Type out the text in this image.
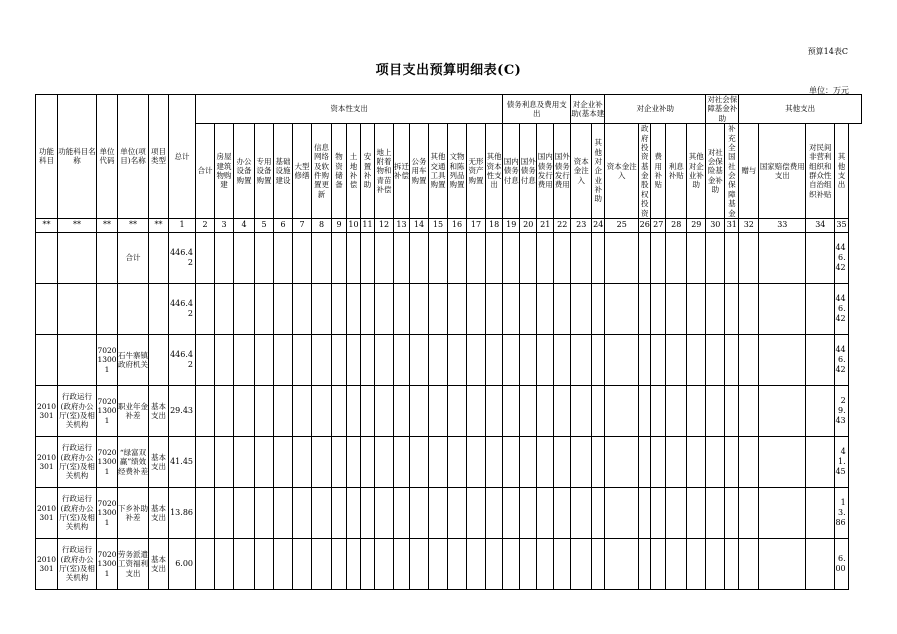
预算14表C
项目支出预算明细表(C)
单位：万元
功能科目	功能科目名称	单位代码	单位(项目)名称	项目类型	总计	资本性支出																	债务利息及费用支出				对企业补助(基本建		对企业补助					对社会保障基金补助		其他支出			
						合计	房屋建筑物购建	办公设备购置	专用设备购置	基础设施建设	大型修缮	信息网络及软件购置更新	物资储备	土地补偿	安置补助	地上附着物和青苗补偿	拆迁补偿	公务用车购置	其他交通工具购置	文物和陈列品购置	无形资产购置	其他资本性支出	国内债务付息	国外债务付息	国内债务发行费用	国外债务发行费用	资本金注入	其他对企业补助	资本金注入	政府投资基金股权投资	费用补贴	利息补贴	其他对企业补助	对社会保险基金补助	补充全国社会保障基金	赠与	国家赔偿费用支出	对民间非营利组织和群众性自治组织补贴	其他支出
**	**	**	**	**	1	2	3	4	5	6	7	8	9	10	11	12	13	14	15	16	17	18	19	20	21	22	23	24	25	26	27	28	29	30	31	32	33	34	35
			合计		446.42																																		446.42
					446.42																																		446.42
		70201300 1	石牛寨镇政府机关		446.42																																		446.42
2010301	行政运行(政府办公厅(室)及相关机构	70201300 1	职业年金补差	基本支出	29.43																																		29.43
2010301	行政运行(政府办公厅(室)及相关机构	70201300 1	“绿富双赢”绩效经费补差	基本支出	41.45																																		41.45
2010301	行政运行(政府办公厅(室)及相关机构	70201300 1	下乡补助补差	基本支出	13.86																																		13.86
2010301	行政运行(政府办公厅(室)及相关机构	70201300 1	劳务派遣工资福利支出	基本支出	6.00																																		6.00
